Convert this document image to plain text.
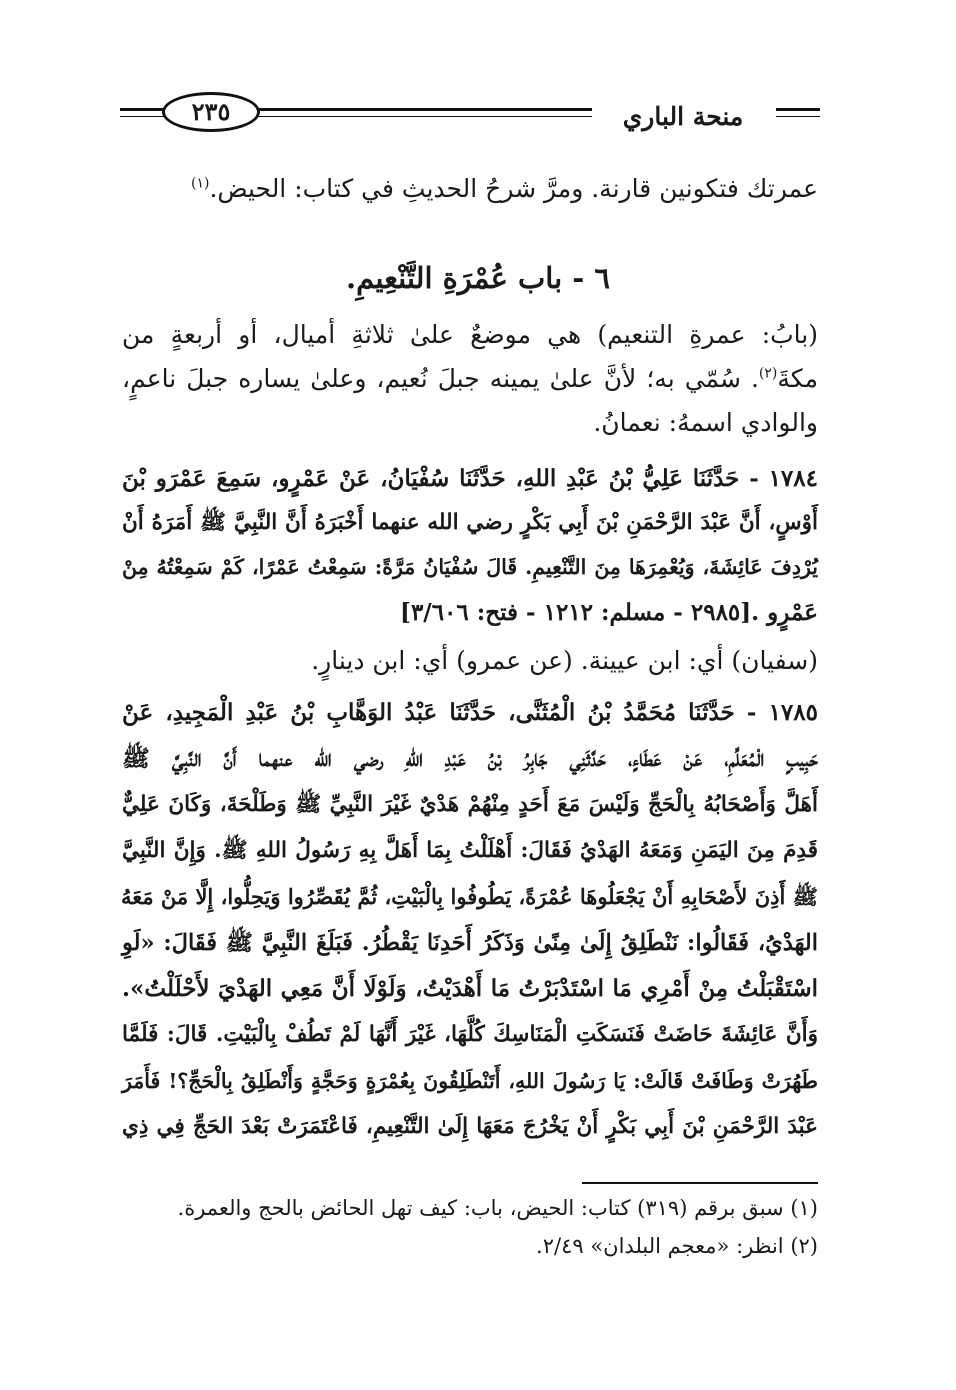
٢٣٥	منحة الباري
عمرتك فتكونين قارنة. ومرَّ شرحُ الحديثِ في كتاب: الحيض.$^{(١)}$
٦ - باب عُمْرَةِ التَّنْعِيمِ.
(بابُ: عمرةِ التنعيم) هي موضعٌ علىٰ ثلاثةِ أميال، أو أربعةٍ من
مكةَ$^{(٢)}$. سُمّي به؛ لأنَّ علىٰ يمينه جبلَ نُعيم، وعلىٰ يساره جبلَ ناعمٍ،
والوادي اسمهُ: نعمانُ.
١٧٨٤ - حَدَّثَنَا عَلِيُّ بْنُ عَبْدِ اللهِ، حَدَّثَنَا سُفْيَانُ، عَنْ عَمْرٍو، سَمِعَ عَمْرَو بْنَ
أَوْسٍ، أَنَّ عَبْدَ الرَّحْمَنِ بْنَ أَبِي بَكْرٍ رضي الله عنهما أَخْبَرَهُ أَنَّ النَّبِيَّ ﷺ أَمَرَهُ أَنْ
يُرْدِفَ عَائِشَةَ، وَيُعْمِرَهَا مِنَ التَّنْعِيمِ. قَالَ سُفْيَانُ مَرَّةً: سَمِعْتُ عَمْرًا، كَمْ سَمِعْتُهُ مِنْ
عَمْرٍو .[٢٩٨٥ - مسلم: ١٢١٢ - فتح: ٣/٦٠٦]
(سفيان) أي: ابن عيينة. (عن عمرو) أي: ابن دينارٍ.
١٧٨٥ - حَدَّثَنَا مُحَمَّدُ بْنُ الْمُثَنَّى، حَدَّثَنَا عَبْدُ الوَهَّابِ بْنُ عَبْدِ الْمَجِيدِ، عَنْ
حَبِيبٍ الْمُعَلِّمِ، عَنْ عَطَاءٍ، حَدَّثَنِي جَابِرُ بْنُ عَبْدِ اللهِ رضي الله عنهما أَنَّ النَّبِيَّ ﷺ
أَهَلَّ وَأَصْحَابُهُ بِالْحَجِّ وَلَيْسَ مَعَ أَحَدٍ مِنْهُمْ هَدْيٌ غَيْرَ النَّبِيِّ ﷺ وَطَلْحَةَ، وَكَانَ عَلِيٌّ
قَدِمَ مِنَ اليَمَنِ وَمَعَهُ الهَدْيُ فَقَالَ: أَهْلَلْتُ بِمَا أَهَلَّ بِهِ رَسُولُ اللهِ ﷺ. وَإِنَّ النَّبِيَّ
ﷺ أَذِنَ لأَصْحَابِهِ أَنْ يَجْعَلُوهَا عُمْرَةً، يَطُوفُوا بِالْبَيْتِ، ثُمَّ يُقَصِّرُوا وَيَحِلُّوا، إِلَّا مَنْ مَعَهُ
الهَدْيُ، فَقَالُوا: نَنْطَلِقُ إِلَىٰ مِنًىٰ وَذَكَرُ أَحَدِنَا يَقْطُرُ. فَبَلَغَ النَّبِيَّ ﷺ فَقَالَ: «لَوِ
اسْتَقْبَلْتُ مِنْ أَمْرِي مَا اسْتَدْبَرْتُ مَا أَهْدَيْتُ، وَلَوْلَا أَنَّ مَعِي الهَدْيَ لأَحْلَلْتُ».
وَأَنَّ عَائِشَةَ حَاضَتْ فَنَسَكَتِ الْمَنَاسِكَ كُلَّهَا، غَيْرَ أَنَّهَا لَمْ تَطُفْ بِالْبَيْتِ. قَالَ: فَلَمَّا
طَهُرَتْ وَطَافَتْ قَالَتْ: يَا رَسُولَ اللهِ، أَتَنْطَلِقُونَ بِعُمْرَةٍ وَحَجَّةٍ وَأَنْطَلِقُ بِالْحَجِّ؟! فَأَمَرَ
عَبْدَ الرَّحْمَنِ بْنَ أَبِي بَكْرٍ أَنْ يَخْرُجَ مَعَهَا إِلَىٰ التَّنْعِيمِ، فَاعْتَمَرَتْ بَعْدَ الحَجِّ فِي ذِي
(١) سبق برقم (٣١٩) كتاب: الحيض، باب: كيف تهل الحائض بالحج والعمرة.
(٢) انظر: «معجم البلدان» ٢/٤٩.
